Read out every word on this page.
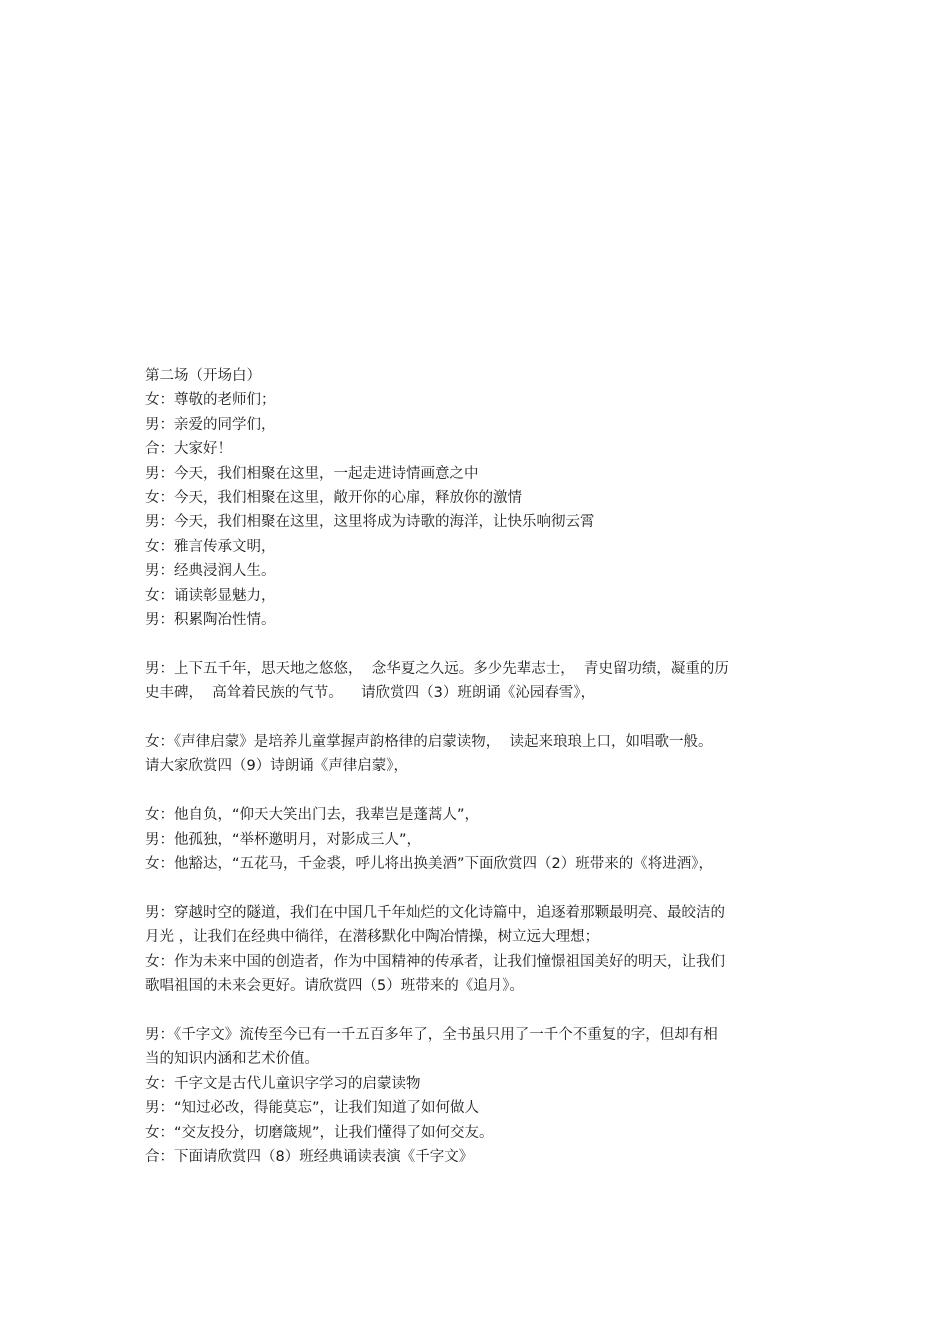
第二场（开场白）

女：尊敬的老师们；

男：亲爱的同学们，

合：大家好！

男：今天，我们相聚在这里，一起走进诗情画意之中

女：今天，我们相聚在这里，敞开你的心扉，释放你的激情

男：今天，我们相聚在这里，这里将成为诗歌的海洋，让快乐响彻云霄

女：雅言传承文明，

男：经典浸润人生。

女：诵读彰显魅力，

男：积累陶冶性情。

男：上下五千年，思天地之悠悠，  念华夏之久远。多少先辈志士，  青史留功绩，凝重的历

史丰碑，  高耸着民族的气节。    请欣赏四（3）班朗诵《沁园春雪》，

女：《声律启蒙》是培养儿童掌握声韵格律的启蒙读物，  读起来琅琅上口，如唱歌一般。

请大家欣赏四（9）诗朗诵《声律启蒙》，

女：他自负，“仰天大笑出门去，我辈岂是蓬蒿人”，

男：他孤独，“举杯邀明月，对影成三人”，

女：他豁达，“五花马，千金裘，呼儿将出换美酒”下面欣赏四（2）班带来的《将进酒》，

男：穿越时空的隧道，我们在中国几千年灿烂的文化诗篇中，追逐着那颗最明亮、最皎洁的

月光 ，让我们在经典中徜徉，在潜移默化中陶冶情操，树立远大理想；

女：作为未来中国的创造者，作为中国精神的传承者，让我们憧憬祖国美好的明天，让我们

歌唱祖国的未来会更好。请欣赏四（5）班带来的《追月》。

男：《千字文》流传至今已有一千五百多年了，全书虽只用了一千个不重复的字，但却有相

当的知识内涵和艺术价值。

女：千字文是古代儿童识字学习的启蒙读物

男：“知过必改，得能莫忘”，让我们知道了如何做人

女：“交友投分，切磨箴规”，让我们懂得了如何交友。

合：下面请欣赏四（8）班经典诵读表演《千字文》
